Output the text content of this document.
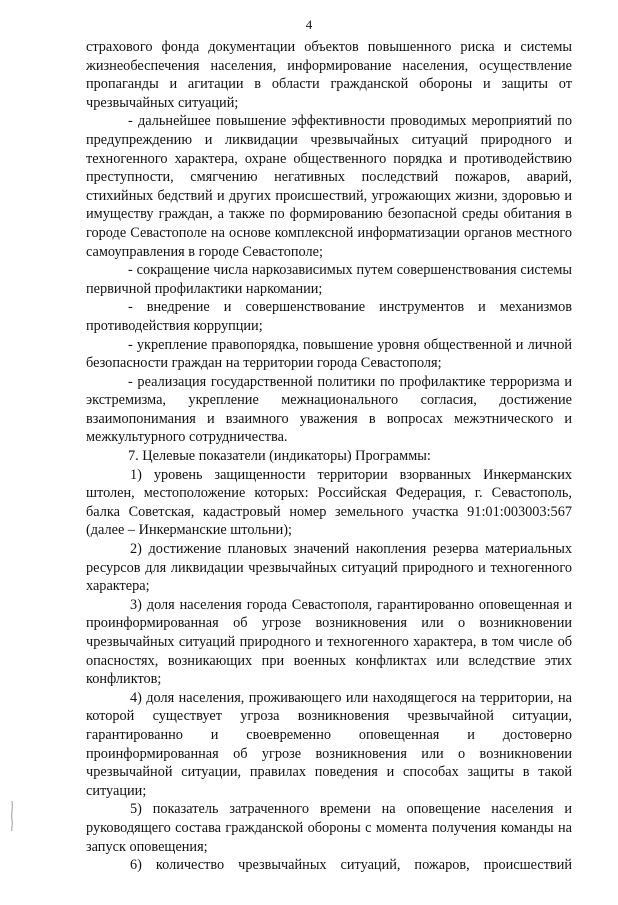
4

страхового фонда документации объектов повышенного риска и системы жизнеобеспечения населения, информирование населения, осуществление пропаганды и агитации в области гражданской обороны и защиты от чрезвычайных ситуаций;

- дальнейшее повышение эффективности проводимых мероприятий по предупреждению и ликвидации чрезвычайных ситуаций природного и техногенного характера, охране общественного порядка и противодействию преступности, смягчению негативных последствий пожаров, аварий, стихийных бедствий и других происшествий, угрожающих жизни, здоровью и имуществу граждан, а также по формированию безопасной среды обитания в городе Севастополе на основе комплексной информатизации органов местного самоуправления в городе Севастополе;

- сокращение числа наркозависимых путем совершенствования системы первичной профилактики наркомании;

- внедрение и совершенствование инструментов и механизмов противодействия коррупции;

- укрепление правопорядка, повышение уровня общественной и личной безопасности граждан на территории города Севастополя;

- реализация государственной политики по профилактике терроризма и экстремизма, укрепление межнационального согласия, достижение взаимопонимания и взаимного уважения в вопросах межэтнического и межкультурного сотрудничества.

7. Целевые показатели (индикаторы) Программы:

1) уровень защищенности территории взорванных Инкерманских штолен, местоположение которых: Российская Федерация, г. Севастополь, балка Советская, кадастровый номер земельного участка 91:01:003003:567 (далее – Инкерманские штольни);

2) достижение плановых значений накопления резерва материальных ресурсов для ликвидации чрезвычайных ситуаций природного и техногенного характера;

3) доля населения города Севастополя, гарантированно оповещенная и проинформированная об угрозе возникновения или о возникновении чрезвычайных ситуаций природного и техногенного характера, в том числе об опасностях, возникающих при военных конфликтах или вследствие этих конфликтов;

4) доля населения, проживающего или находящегося на территории, на которой существует угроза возникновения чрезвычайной ситуации, гарантированно и своевременно оповещенная и достоверно проинформированная об угрозе возникновения или о возникновении чрезвычайной ситуации, правилах поведения и способах защиты в такой ситуации;

5) показатель затраченного времени на оповещение населения и руководящего состава гражданской обороны с момента получения команды на запуск оповещения;

6) количество чрезвычайных ситуаций, пожаров, происшествий
